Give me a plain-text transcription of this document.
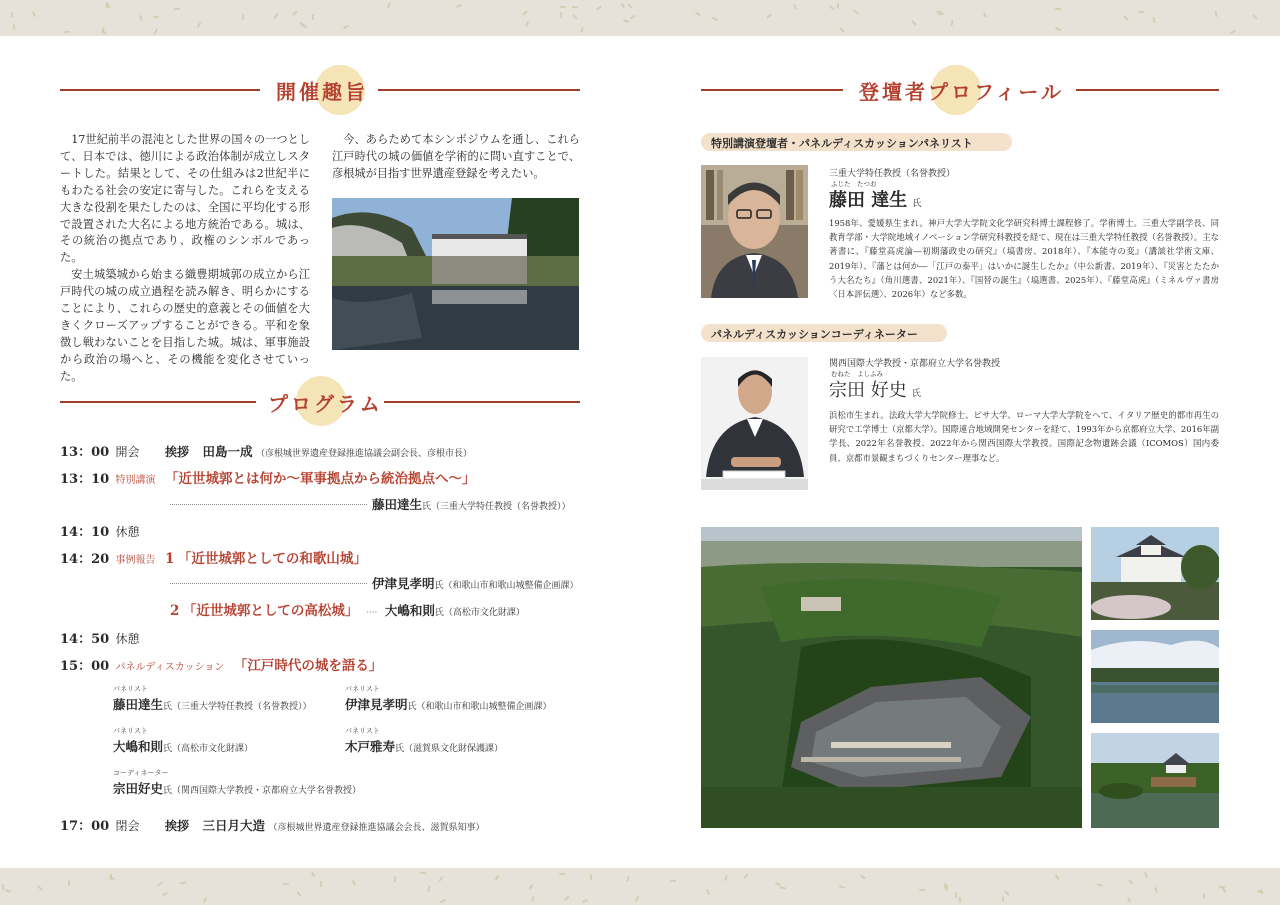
開催趣旨

17世紀前半の混沌とした世界の国々の一つとして、日本では、徳川による政治体制が成立しスタートした。結果として、その仕組みは2世紀半にもわたる社会の安定に寄与した。これらを支える大きな役割を果たしたのは、全国に平均化する形で設置された大名による地方統治である。城は、その統治の拠点であり、政権のシンボルであった。

安土城築城から始まる織豊期城郭の成立から江戸時代の城の成立過程を読み解き、明らかにすることにより、これらの歴史的意義とその価値を大きくクローズアップすることができる。平和を象徴し戦わないことを目指した城。城は、軍事施設から政治の場へと、その機能を変化させていった。

今、あらためて本シンポジウムを通し、これら江戸時代の城の価値を学術的に問い直すことで、彦根城が目指す世界遺産登録を考えたい。

プログラム
13：00 開会 挨拶 田島一成 （彦根城世界遺産登録推進協議会副会長、彦根市長）
13：10 特別講演 「近世城郭とは何か～軍事拠点から統治拠点へ～」
藤田達生氏（三重大学特任教授（名誉教授））
14：10 休憩
14：20 事例報告 1 「近世城郭としての和歌山城」
伊津見孝明氏（和歌山市和歌山城整備企画課）
2 「近世城郭としての高松城」 ···· 大嶋和則氏（高松市文化財課）
14：50 休憩
15：00 パネルディスカッション 「江戸時代の城を語る」
パネリスト
藤田達生氏（三重大学特任教授（名誉教授））
パネリスト
伊津見孝明氏（和歌山市和歌山城整備企画課）
パネリスト
大嶋和則氏（高松市文化財課）
パネリスト
木戸雅寿氏（滋賀県文化財保護課）
コーディネーター
宗田好史氏（関西国際大学教授・京都府立大学名誉教授）
17：00 閉会 挨拶 三日月大造 （彦根城世界遺産登録推進協議会会長、滋賀県知事）
登壇者プロフィール
特別講演登壇者・パネルディスカッションパネリスト
三重大学特任教授（名誉教授）
ふじた　たつお
藤田 達生 氏
1958年、愛媛県生まれ。神戸大学大学院文化学研究科博士課程修了。学術博士。三重大学副学長、同教育学部・大学院地域イノベーション学研究科教授を経て、現在は三重大学特任教授（名誉教授）。主な著書に、『藤堂高虎論―初期藩政史の研究』（塙書房、2018年）、『本能寺の変』（講談社学術文庫、2019年）、『藩とは何か―「江戸の泰平」はいかに誕生したか』（中公新書、2019年）、『災害とたたかう大名たち』（角川選書、2021年）、『国替の誕生』（塙選書、2025年）、『藤堂高虎』（ミネルヴァ書房〈日本評伝選〉、2026年）など多数。
パネルディスカッションコーディネーター
関西国際大学教授・京都府立大学名誉教授
むねた　よしふみ
宗田 好史 氏
浜松市生まれ。法政大学大学院修士、ピサ大学、ローマ大学大学院をへて、イタリア歴史的都市再生の研究で工学博士（京都大学）。国際連合地域開発センターを経て、1993年から京都府立大学、2016年副学長、2022年名誉教授、2022年から関西国際大学教授。国際記念物遺跡会議（ICOMOS）国内委員、京都市景観まちづくりセンター理事など。
